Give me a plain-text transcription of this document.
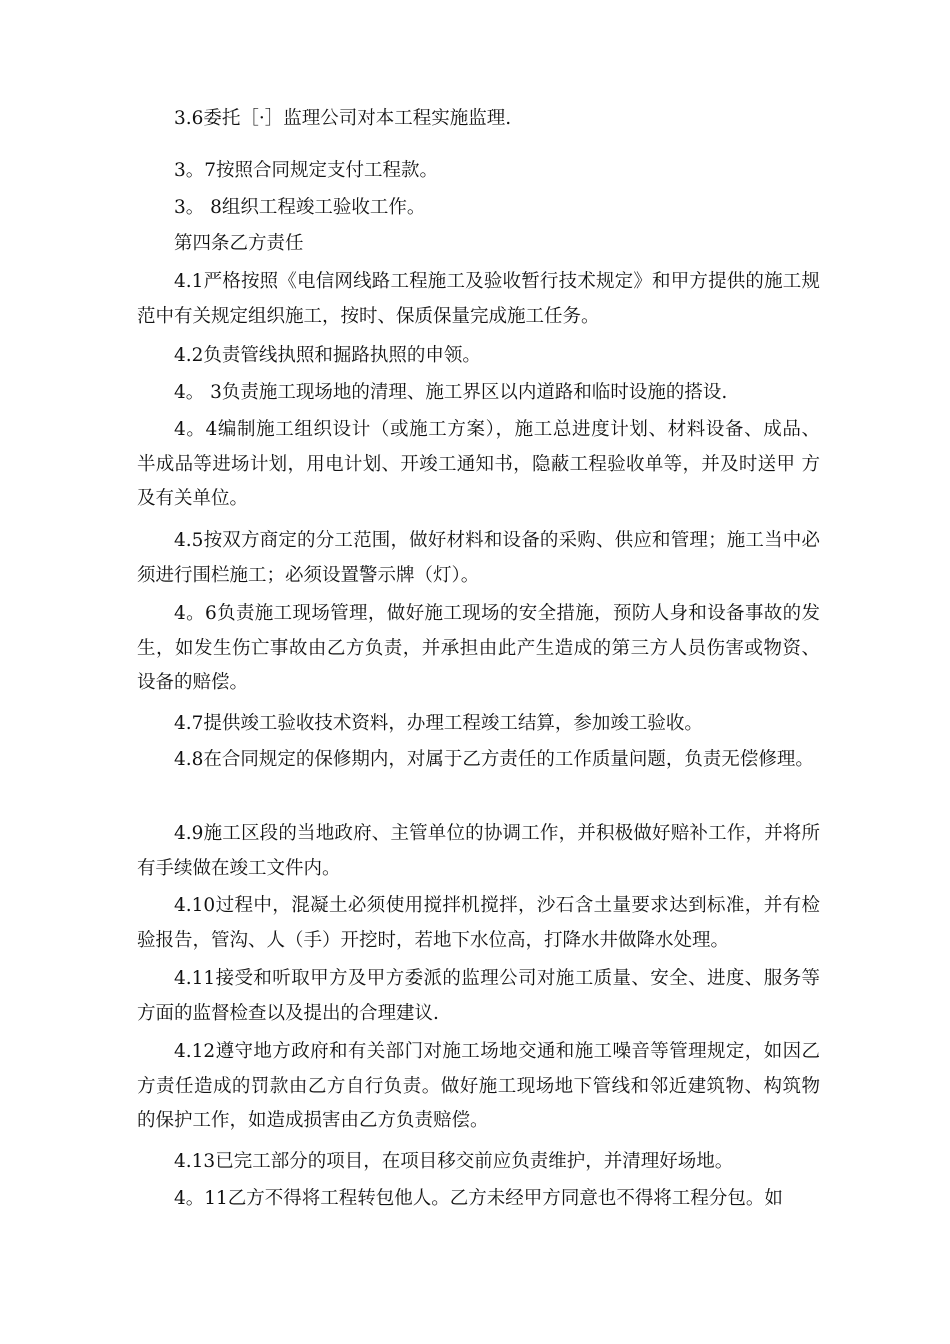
3.6委托［·］监理公司对本工程实施监理.

3。7按照合同规定支付工程款。

3。 8组织工程竣工验收工作。

第四条乙方责任

4.1严格按照《电信网线路工程施工及验收暂行技术规定》和甲方提供的施工规范中有关规定组织施工，按时、保质保量完成施工任务。

4.2负责管线执照和掘路执照的申领。

4。 3负责施工现场地的清理、施工界区以内道路和临时设施的搭设.

4。4编制施工组织设计（或施工方案），施工总进度计划、材料设备、成品、 半成品等进场计划，用电计划、开竣工通知书，隐蔽工程验收单等，并及时送甲 方及有关单位。

4.5按双方商定的分工范围，做好材料和设备的采购、供应和管理；施工当中必须进行围栏施工；必须设置警示牌（灯）。

4。6负责施工现场管理，做好施工现场的安全措施，预防人身和设备事故的发生，如发生伤亡事故由乙方负责，并承担由此产生造成的第三方人员伤害或物资、设备的赔偿。

4.7提供竣工验收技术资料，办理工程竣工结算，参加竣工验收。

4.8在合同规定的保修期内，对属于乙方责任的工作质量问题，负责无偿修理。

4.9施工区段的当地政府、主管单位的协调工作，并积极做好赔补工作，并将所有手续做在竣工文件内。

4.10过程中，混凝土必须使用搅拌机搅拌，沙石含土量要求达到标准，并有检验报告，管沟、人（手）开挖时，若地下水位高，打降水井做降水处理。

4.11接受和听取甲方及甲方委派的监理公司对施工质量、安全、进度、服务等方面的监督检查以及提出的合理建议.

4.12遵守地方政府和有关部门对施工场地交通和施工噪音等管理规定，如因乙方责任造成的罚款由乙方自行负责。做好施工现场地下管线和邻近建筑物、构筑物的保护工作，如造成损害由乙方负责赔偿。

4.13已完工部分的项目，在项目移交前应负责维护，并清理好场地。

4。11乙方不得将工程转包他人。乙方未经甲方同意也不得将工程分包。如
